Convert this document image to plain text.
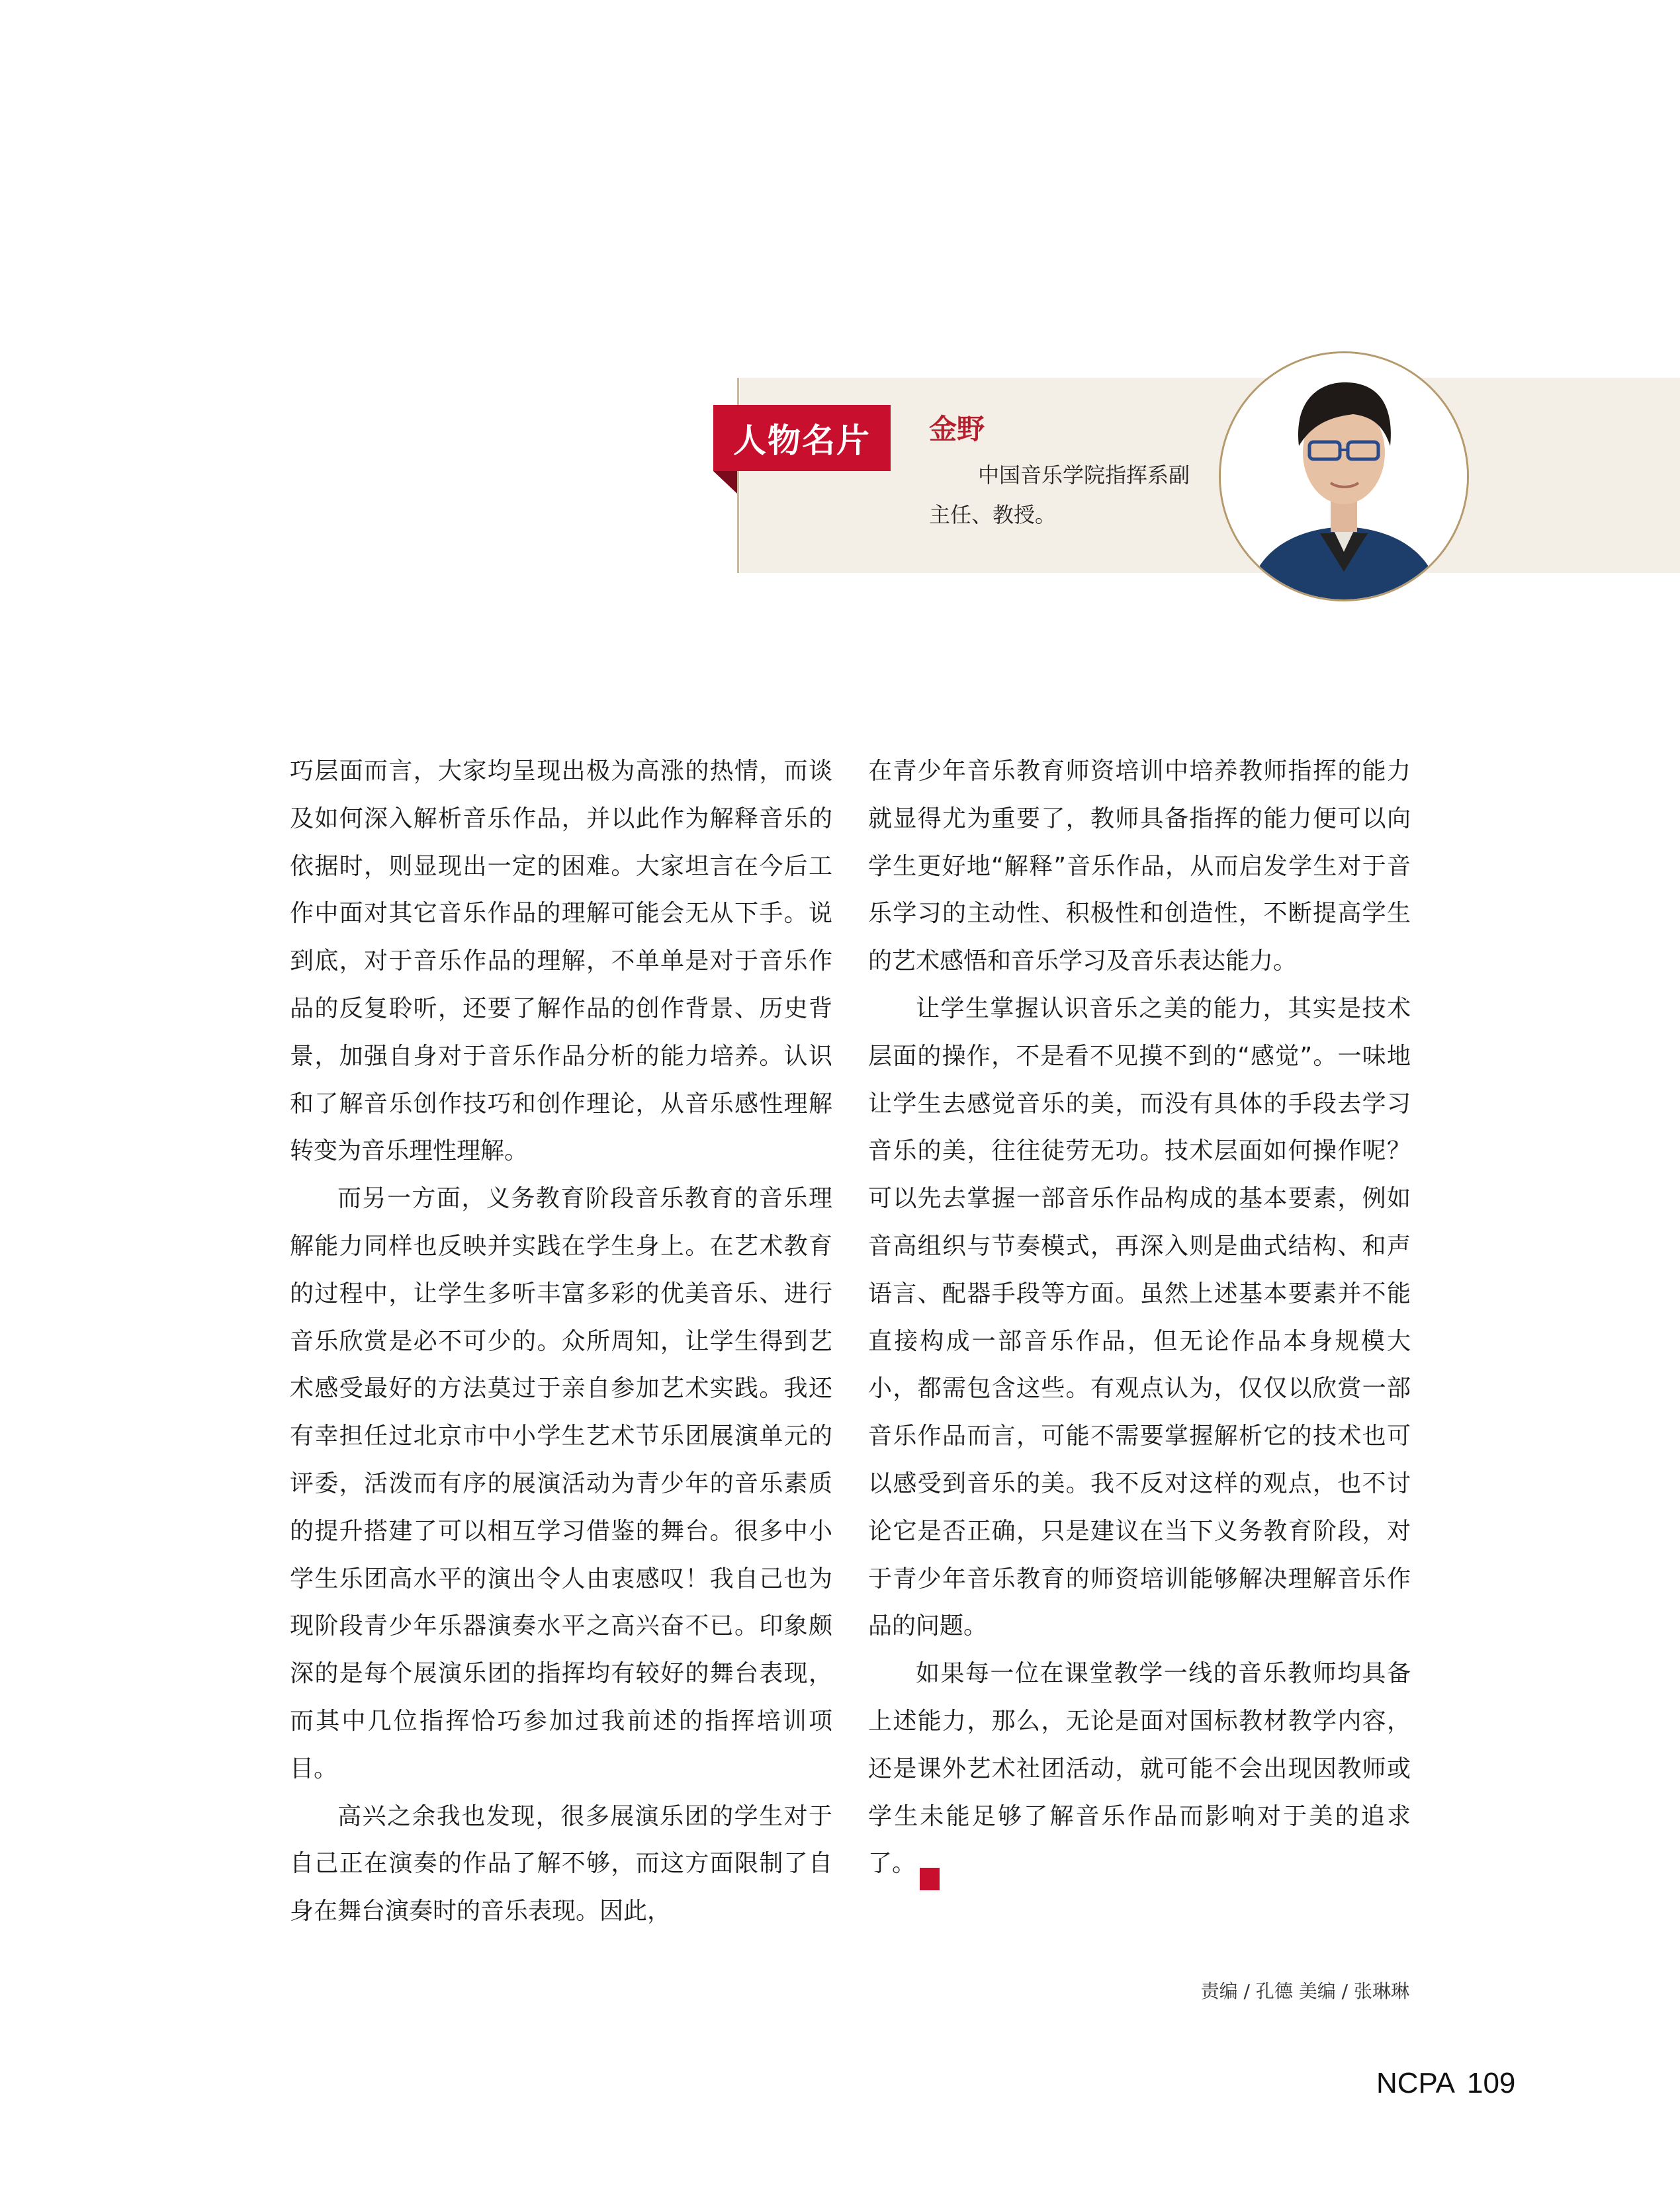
人物名片	金野
中国音乐学院指挥系副主任、教授。

巧层面而言，大家均呈现出极为高涨的热情，而谈及如何深入解析音乐作品，并以此作为解释音乐的依据时，则显现出一定的困难。大家坦言在今后工作中面对其它音乐作品的理解可能会无从下手。说到底，对于音乐作品的理解，不单单是对于音乐作品的反复聆听，还要了解作品的创作背景、历史背景，加强自身对于音乐作品分析的能力培养。认识和了解音乐创作技巧和创作理论，从音乐感性理解转变为音乐理性理解。

而另一方面，义务教育阶段音乐教育的音乐理解能力同样也反映并实践在学生身上。在艺术教育的过程中，让学生多听丰富多彩的优美音乐、进行音乐欣赏是必不可少的。众所周知，让学生得到艺术感受最好的方法莫过于亲自参加艺术实践。我还有幸担任过北京市中小学生艺术节乐团展演单元的评委，活泼而有序的展演活动为青少年的音乐素质的提升搭建了可以相互学习借鉴的舞台。很多中小学生乐团高水平的演出令人由衷感叹！我自己也为现阶段青少年乐器演奏水平之高兴奋不已。印象颇深的是每个展演乐团的指挥均有较好的舞台表现，而其中几位指挥恰巧参加过我前述的指挥培训项目。

高兴之余我也发现，很多展演乐团的学生对于自己正在演奏的作品了解不够，而这方面限制了自身在舞台演奏时的音乐表现。因此，

在青少年音乐教育师资培训中培养教师指挥的能力就显得尤为重要了，教师具备指挥的能力便可以向学生更好地“解释”音乐作品，从而启发学生对于音乐学习的主动性、积极性和创造性，不断提高学生的艺术感悟和音乐学习及音乐表达能力。

让学生掌握认识音乐之美的能力，其实是技术层面的操作，不是看不见摸不到的“感觉”。一味地让学生去感觉音乐的美，而没有具体的手段去学习音乐的美，往往徒劳无功。技术层面如何操作呢？可以先去掌握一部音乐作品构成的基本要素，例如音高组织与节奏模式，再深入则是曲式结构、和声语言、配器手段等方面。虽然上述基本要素并不能直接构成一部音乐作品，但无论作品本身规模大小，都需包含这些。有观点认为，仅仅以欣赏一部音乐作品而言，可能不需要掌握解析它的技术也可以感受到音乐的美。我不反对这样的观点，也不讨论它是否正确，只是建议在当下义务教育阶段，对于青少年音乐教育的师资培训能够解决理解音乐作品的问题。

如果每一位在课堂教学一线的音乐教师均具备上述能力，那么，无论是面对国标教材教学内容，还是课外艺术社团活动，就可能不会出现因教师或学生未能足够了解音乐作品而影响对于美的追求了。	NCPA

责编 / 孔德 美编 / 张琳琳
NCPA 109
